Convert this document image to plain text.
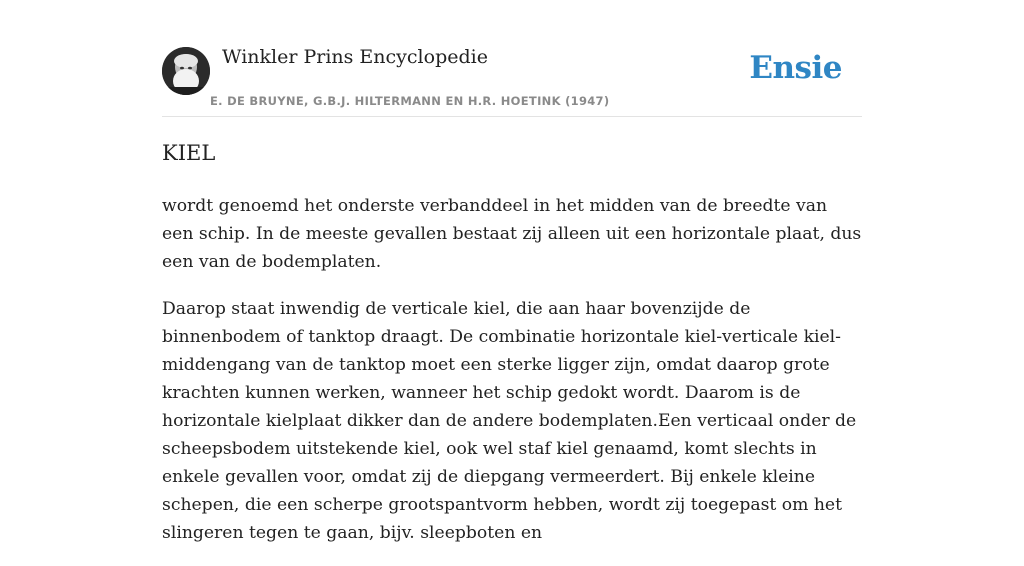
Winkler Prins Encyclopedie
E. DE BRUYNE, G.B.J. HILTERMANN EN H.R. HOETINK (1947)
Ensie
KIEL

wordt genoemd het onderste verbanddeel in het midden van de breedte van een schip. In de meeste gevallen bestaat zij alleen uit een horizontale plaat, dus een van de bodemplaten.

Daarop staat inwendig de verticale kiel, die aan haar bovenzijde de binnenbodem of tanktop draagt. De combinatie horizontale kiel-verticale kiel-middengang van de tanktop moet een sterke ligger zijn, omdat daarop grote krachten kunnen werken, wanneer het schip gedokt wordt. Daarom is de horizontale kielplaat dikker dan de andere bodemplaten.Een verticaal onder de scheepsbodem uitstekende kiel, ook wel staf kiel genaamd, komt slechts in enkele gevallen voor, omdat zij de diepgang vermeerdert. Bij enkele kleine schepen, die een scherpe grootspantvorm hebben, wordt zij toegepast om het slingeren tegen te gaan, bijv. sleepboten en
